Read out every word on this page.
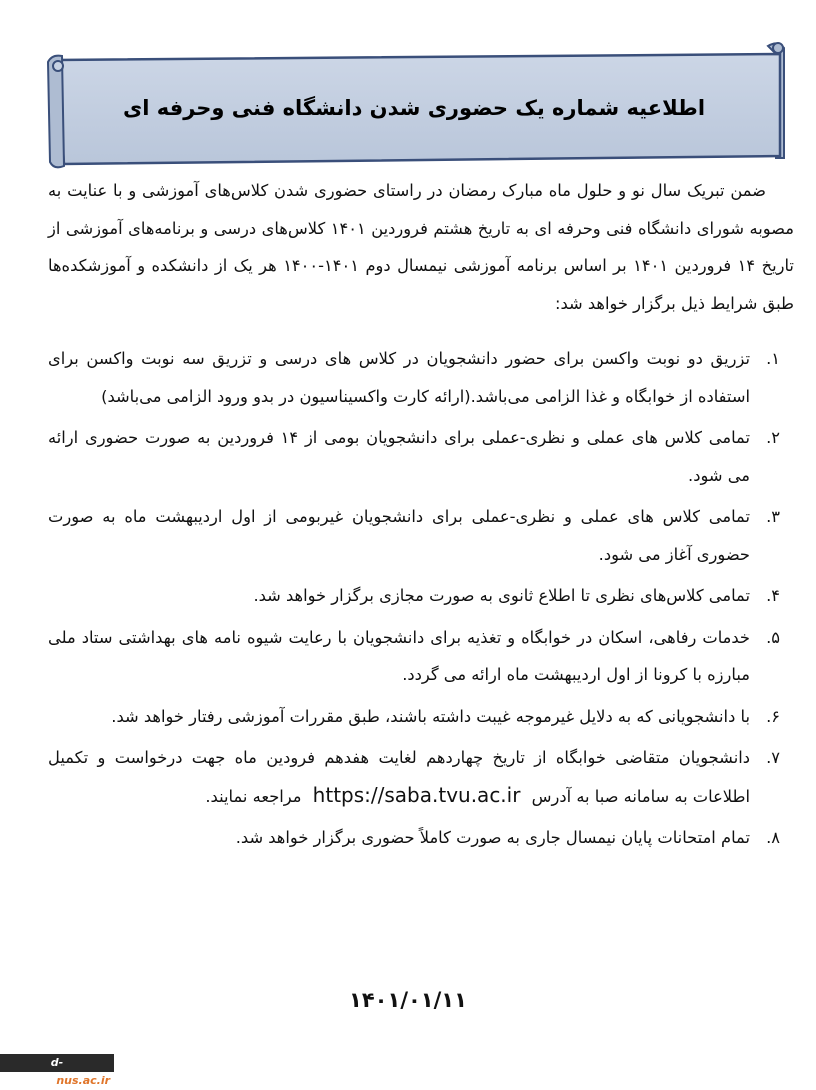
اطلاعیه شماره یک حضوری شدن دانشگاه فنی وحرفه ای

ضمن تبریک سال نو و حلول ماه مبارک رمضان در راستای حضوری شدن کلاس‌های آموزشی و با عنایت به مصوبه شورای دانشگاه فنی وحرفه ای به تاریخ هشتم فروردین ۱۴۰۱ کلاس‌های درسی و برنامه‌های آموزشی از تاریخ ۱۴ فروردین ۱۴۰۱ بر اساس برنامه آموزشی نیمسال دوم ۱۴۰۱-۱۴۰۰ هر یک از دانشکده و آموزشکده‌ها طبق شرایط ذیل برگزار خواهد شد:

۱.
تزریق دو نوبت واکسن برای حضور دانشجویان در کلاس های درسی و تزریق سه نوبت واکسن برای استفاده از خوابگاه و غذا الزامی می‌باشد.(ارائه کارت واکسیناسیون در بدو ورود الزامی می‌باشد)
۲.
تمامی کلاس های عملی و نظری-عملی برای دانشجویان بومی از ۱۴ فروردین به صورت حضوری ارائه می شود.
۳.
تمامی کلاس های عملی و نظری-عملی برای دانشجویان غیربومی از اول اردیبهشت ماه به صورت حضوری آغاز می شود.
۴.
تمامی کلاس‌های نظری تا اطلاع ثانوی به صورت مجازی برگزار خواهد شد.
۵.
خدمات رفاهی، اسکان در خوابگاه و تغذیه برای دانشجویان با رعایت شیوه نامه های بهداشتی ستاد ملی مبارزه با کرونا از اول اردیبهشت ماه ارائه می گردد.
۶.
با دانشجویانی که به دلایل غیرموجه غیبت داشته باشند، طبق مقررات آموزشی رفتار خواهد شد.
۷.
دانشجویان متقاضی خوابگاه از تاریخ چهاردهم لغایت هفدهم فرودین ماه جهت درخواست و تکمیل اطلاعات به سامانه صبا به آدرس https://saba.tvu.ac.ir مراجعه نمایند.
۸.
تمام امتحانات پایان نیمسال جاری به صورت کاملاً حضوری برگزار خواهد شد.
۱۴۰۱/۰۱/۱۱
d-khansar.nus.ac.ir
